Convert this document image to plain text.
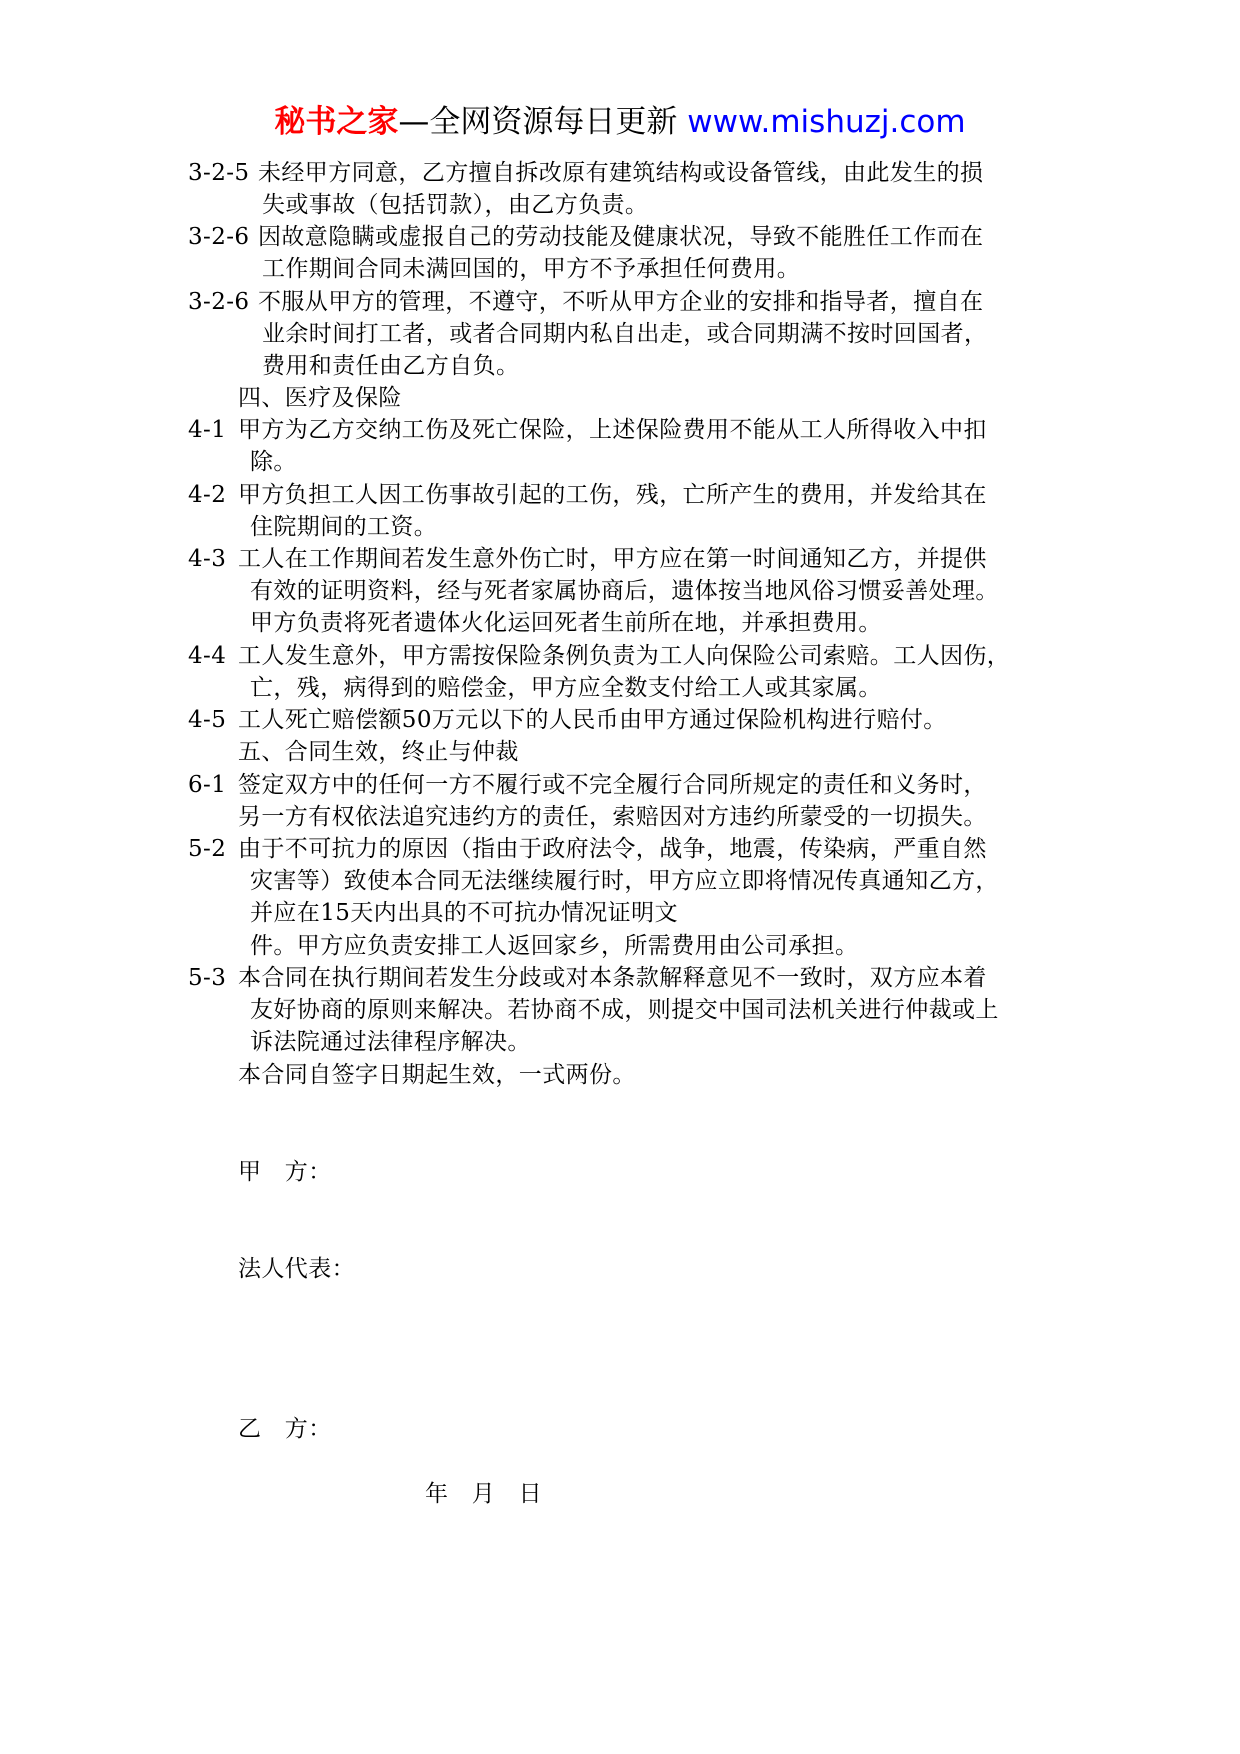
秘书之家—全网资源每日更新 www.mishuzj.com
3-2-5 未经甲方同意，乙方擅自拆改原有建筑结构或设备管线，由此发生的损
失或事故（包括罚款），由乙方负责。
3-2-6 因故意隐瞒或虚报自己的劳动技能及健康状况，导致不能胜任工作而在
工作期间合同未满回国的，甲方不予承担任何费用。
3-2-6 不服从甲方的管理，不遵守，不听从甲方企业的安排和指导者，擅自在
业余时间打工者，或者合同期内私自出走，或合同期满不按时回国者，
费用和责任由乙方自负。
四、医疗及保险
4-1 甲方为乙方交纳工伤及死亡保险，上述保险费用不能从工人所得收入中扣
除。
4-2 甲方负担工人因工伤事故引起的工伤，残，亡所产生的费用，并发给其在
住院期间的工资。
4-3 工人在工作期间若发生意外伤亡时，甲方应在第一时间通知乙方，并提供
有效的证明资料，经与死者家属协商后，遗体按当地风俗习惯妥善处理。
甲方负责将死者遗体火化运回死者生前所在地，并承担费用。
4-4 工人发生意外，甲方需按保险条例负责为工人向保险公司索赔。工人因伤，
亡，残，病得到的赔偿金，甲方应全数支付给工人或其家属。
4-5 工人死亡赔偿额50万元以下的人民币由甲方通过保险机构进行赔付。
五、合同生效，终止与仲裁
6-1 签定双方中的任何一方不履行或不完全履行合同所规定的责任和义务时，
另一方有权依法追究违约方的责任，索赔因对方违约所蒙受的一切损失。
5-2 由于不可抗力的原因（指由于政府法令，战争，地震，传染病，严重自然
灾害等）致使本合同无法继续履行时，甲方应立即将情况传真通知乙方，
并应在15天内出具的不可抗办情况证明文
件。甲方应负责安排工人返回家乡，所需费用由公司承担。
5-3 本合同在执行期间若发生分歧或对本条款解释意见不一致时，双方应本着
友好协商的原则来解决。若协商不成，则提交中国司法机关进行仲裁或上
诉法院通过法律程序解决。
本合同自签字日期起生效，一式两份。
甲　方：
法人代表：
乙　方：
年　月　日
